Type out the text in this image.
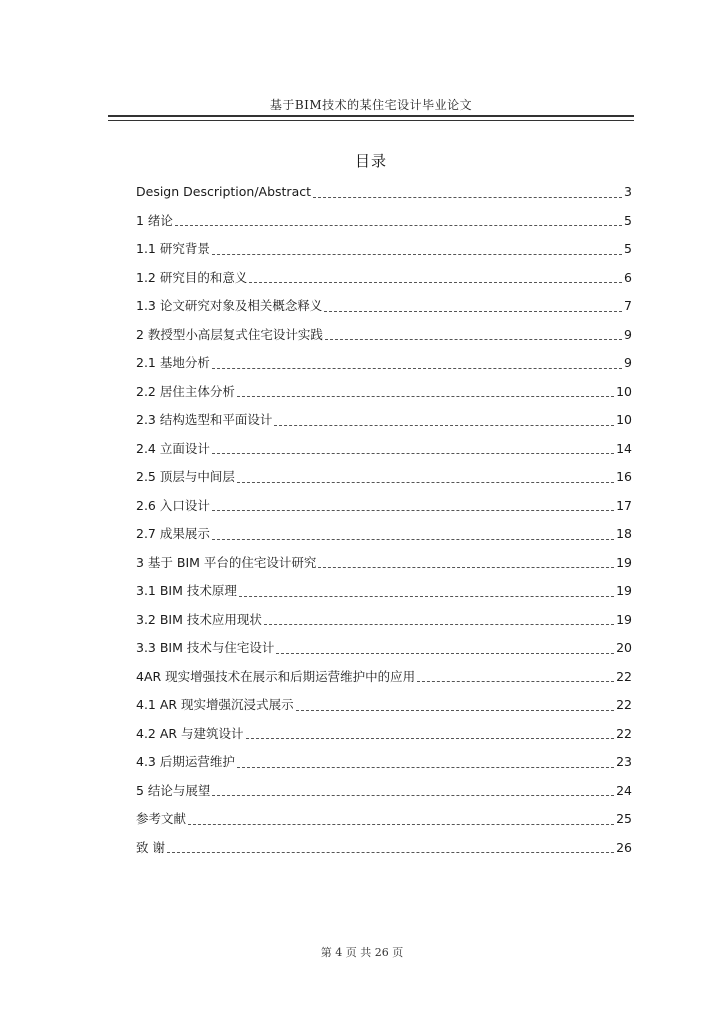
基于BIM技术的某住宅设计毕业论文
目录
Design Description/Abstract	3
1 绪论	5
1.1 研究背景	5
1.2 研究目的和意义	6
1.3 论文研究对象及相关概念释义	7
2 教授型小高层复式住宅设计实践	9
2.1 基地分析	9
2.2 居住主体分析	10
2.3 结构选型和平面设计	10
2.4 立面设计	14
2.5 顶层与中间层	16
2.6 入口设计	17
2.7 成果展示	18
3 基于 BIM 平台的住宅设计研究	19
3.1 BIM 技术原理	19
3.2 BIM 技术应用现状	19
3.3 BIM 技术与住宅设计	20
4AR 现实增强技术在展示和后期运营维护中的应用	22
4.1 AR 现实增强沉浸式展示	22
4.2 AR 与建筑设计	22
4.3 后期运营维护	23
5 结论与展望	24
参考文献	25
致 谢	26
第 4 页 共 26 页
